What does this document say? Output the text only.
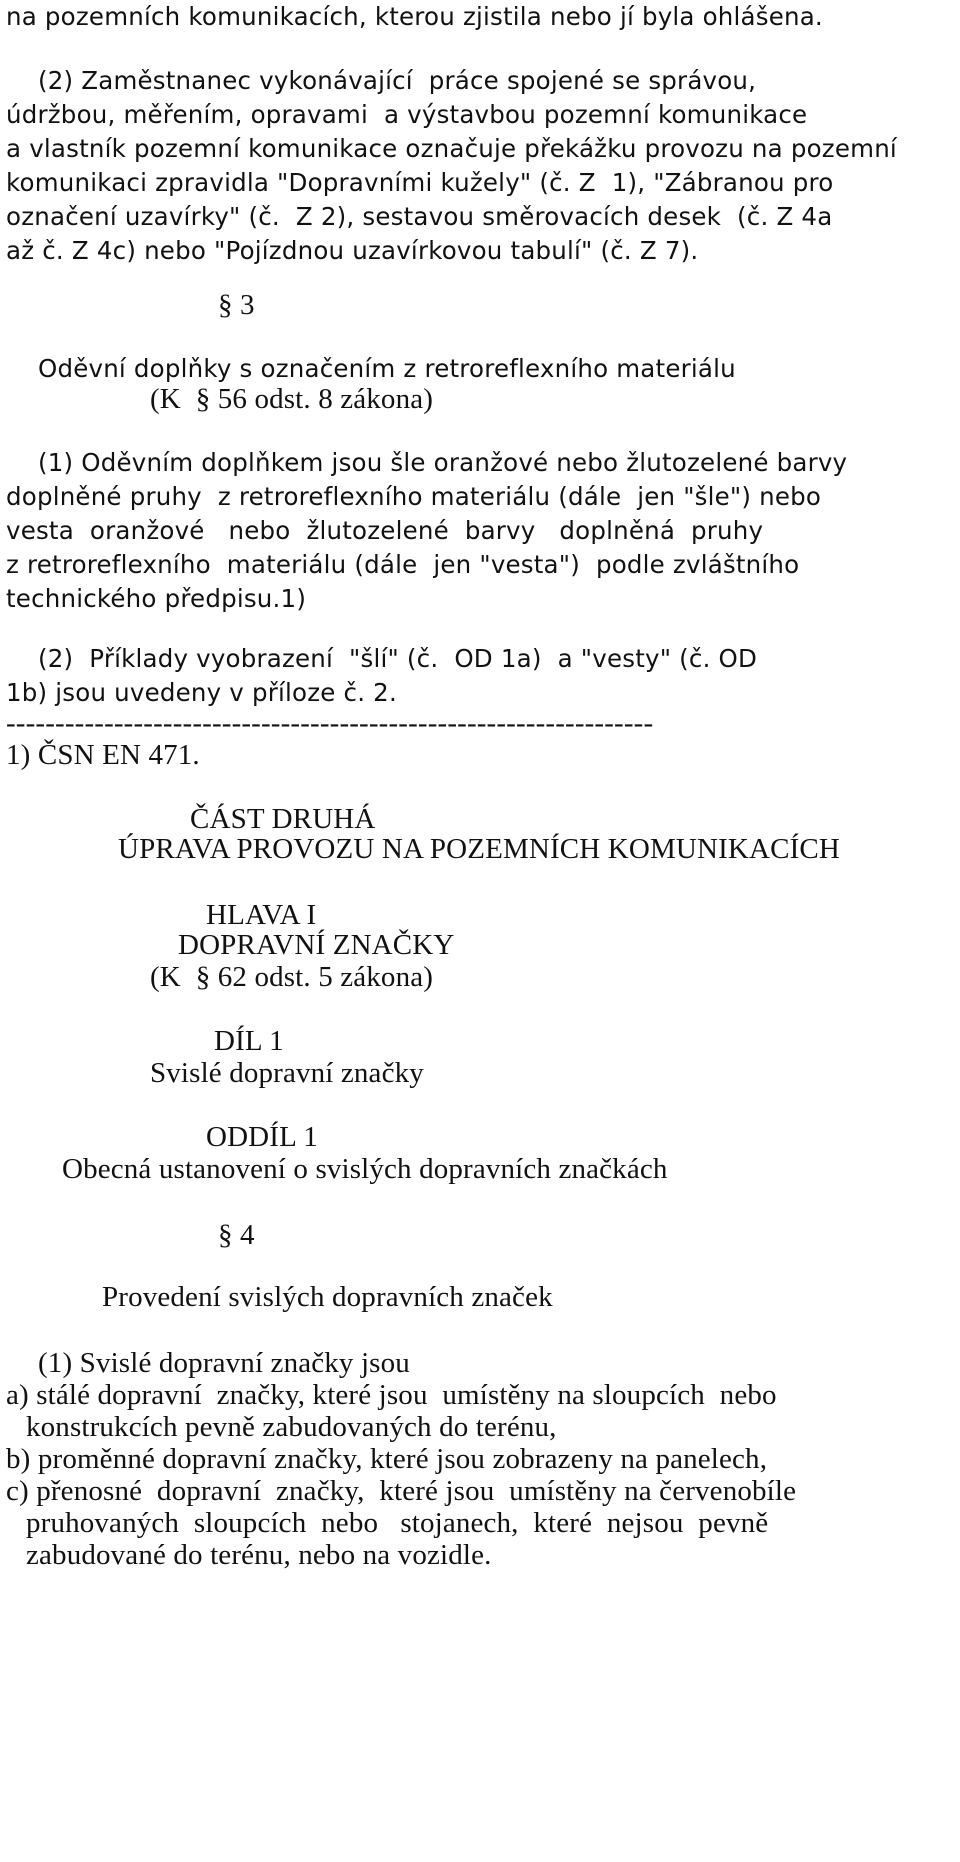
na pozemních komunikacích, kterou zjistila nebo jí byla ohlášena.
(2) Zaměstnanec vykonávající  práce spojené se správou,
údržbou, měřením, opravami  a výstavbou pozemní komunikace
a vlastník pozemní komunikace označuje překážku provozu na pozemní
komunikaci zpravidla "Dopravními kužely" (č. Z  1), "Zábranou pro
označení uzavírky" (č.  Z 2), sestavou směrovacích desek  (č. Z 4a
až č. Z 4c) nebo "Pojízdnou uzavírkovou tabulí" (č. Z 7).
§ 3
Oděvní doplňky s označením z retroreflexního materiálu
(K  § 56 odst. 8 zákona)
(1) Oděvním doplňkem jsou šle oranžové nebo žlutozelené barvy
doplněné pruhy  z retroreflexního materiálu (dále  jen "šle") nebo
vesta  oranžové   nebo  žlutozelené  barvy   doplněná  pruhy
z retroreflexního  materiálu (dále  jen "vesta")  podle zvláštního
technického předpisu.1)
(2)  Příklady vyobrazení  "šlí" (č.  OD 1a)  a "vesty" (č. OD
1b) jsou uvedeny v příloze č. 2.
------------------------------------------------------------------
1) ČSN EN 471.
ČÁST DRUHÁ
ÚPRAVA PROVOZU NA POZEMNÍCH KOMUNIKACÍCH
HLAVA I
DOPRAVNÍ ZNAČKY
(K  § 62 odst. 5 zákona)
DÍL 1
Svislé dopravní značky
ODDÍL 1
Obecná ustanovení o svislých dopravních značkách
§ 4
Provedení svislých dopravních značek
(1) Svislé dopravní značky jsou
a) stálé dopravní  značky, které jsou  umístěny na sloupcích  nebo
konstrukcích pevně zabudovaných do terénu,
b) proměnné dopravní značky, které jsou zobrazeny na panelech,
c) přenosné  dopravní  značky,  které jsou  umístěny na červenobíle
pruhovaných  sloupcích  nebo   stojanech,  které  nejsou  pevně
zabudované do terénu, nebo na vozidle.
